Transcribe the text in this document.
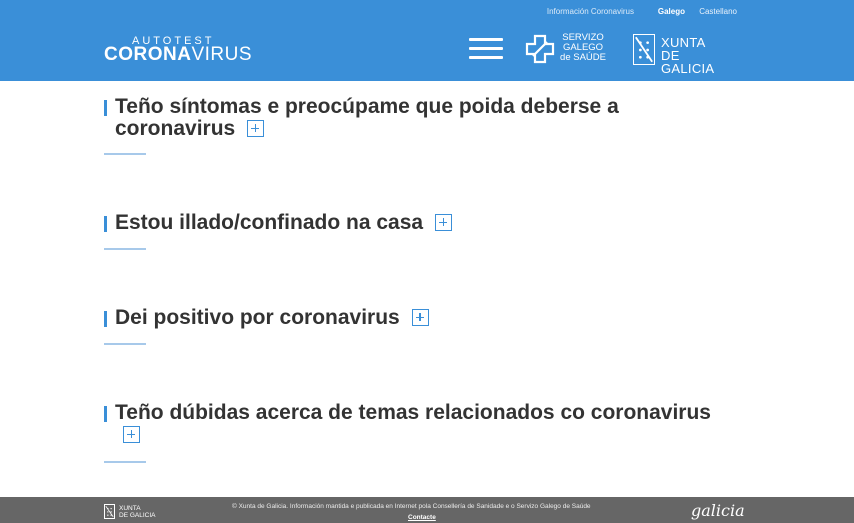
Información Coronavirus	Galego Castellano
AUTOTEST
CORONAVIRUS
SERVIZO
GALEGO
de SAÚDE
XUNTA
DE GALICIA
Teño síntomas e preocúpame que poida deberse a
coronavirus
Estou illado/confinado na casa
Dei positivo por coronavirus
Teño dúbidas acerca de temas relacionados co coronavirus

XUNTA
DE GALICIA
© Xunta de Galicia. Información mantida e publicada en Internet pola Consellería de Sanidade e o Servizo Galego de Saúde
Contacte	galicia
